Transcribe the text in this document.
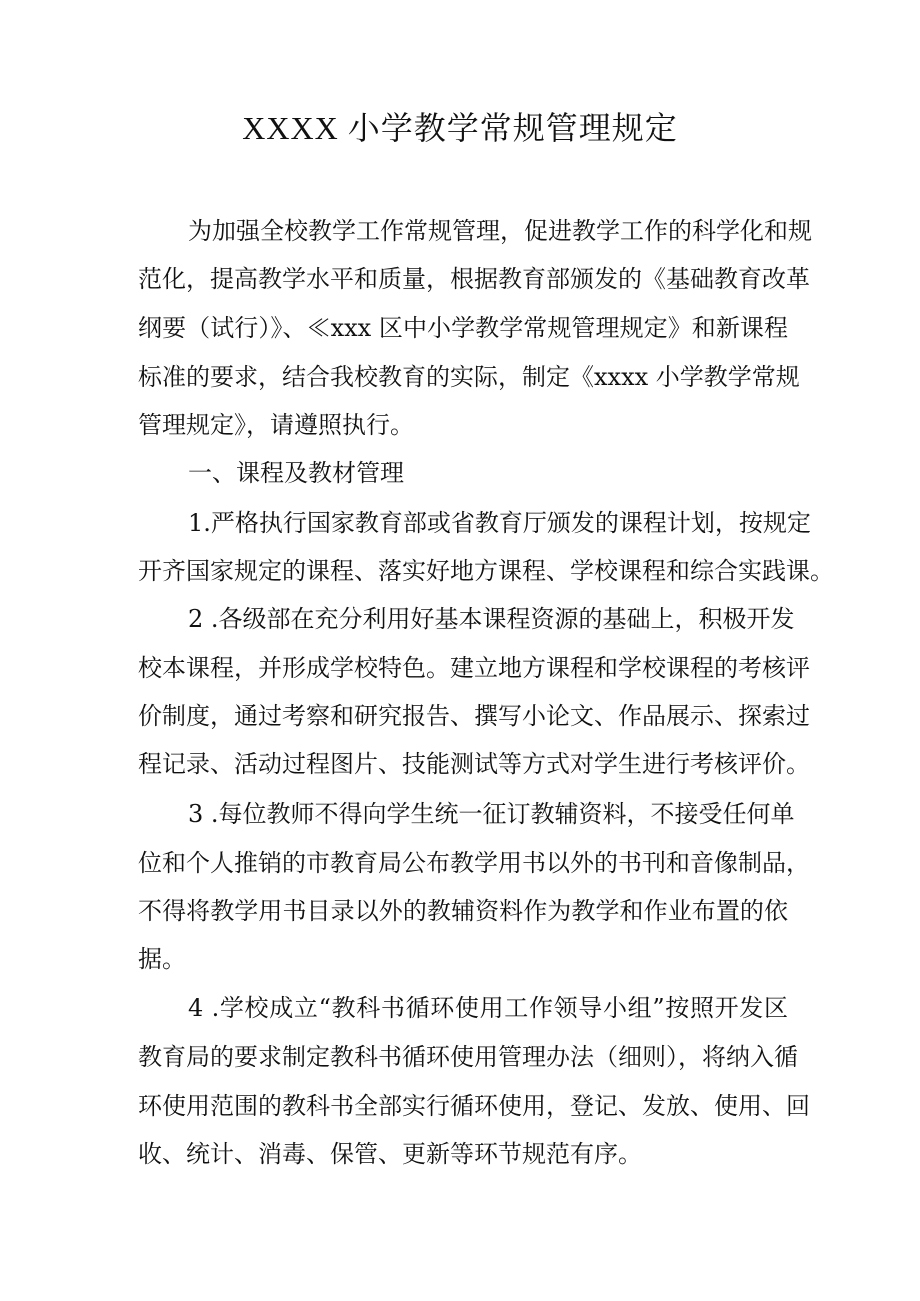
XXXX 小学教学常规管理规定
为加强全校教学工作常规管理，促进教学工作的科学化和规
范化，提高教学水平和质量，根据教育部颁发的《基础教育改革
纲要（试行）》、≪xxx 区中小学教学常规管理规定》和新课程
标准的要求，结合我校教育的实际，制定《xxxx 小学教学常规
管理规定》，请遵照执行。
一、课程及教材管理
1.严格执行国家教育部或省教育厅颁发的课程计划，按规定
开齐国家规定的课程、落实好地方课程、学校课程和综合实践课。
2 .各级部在充分利用好基本课程资源的基础上，积极开发
校本课程，并形成学校特色。建立地方课程和学校课程的考核评
价制度，通过考察和研究报告、撰写小论文、作品展示、探索过
程记录、活动过程图片、技能测试等方式对学生进行考核评价。
3 .每位教师不得向学生统一征订教辅资料，不接受任何单
位和个人推销的市教育局公布教学用书以外的书刊和音像制品，
不得将教学用书目录以外的教辅资料作为教学和作业布置的依
据。
4 .学校成立“教科书循环使用工作领导小组”按照开发区
教育局的要求制定教科书循环使用管理办法（细则），将纳入循
环使用范围的教科书全部实行循环使用，登记、发放、使用、回
收、统计、消毒、保管、更新等环节规范有序。
